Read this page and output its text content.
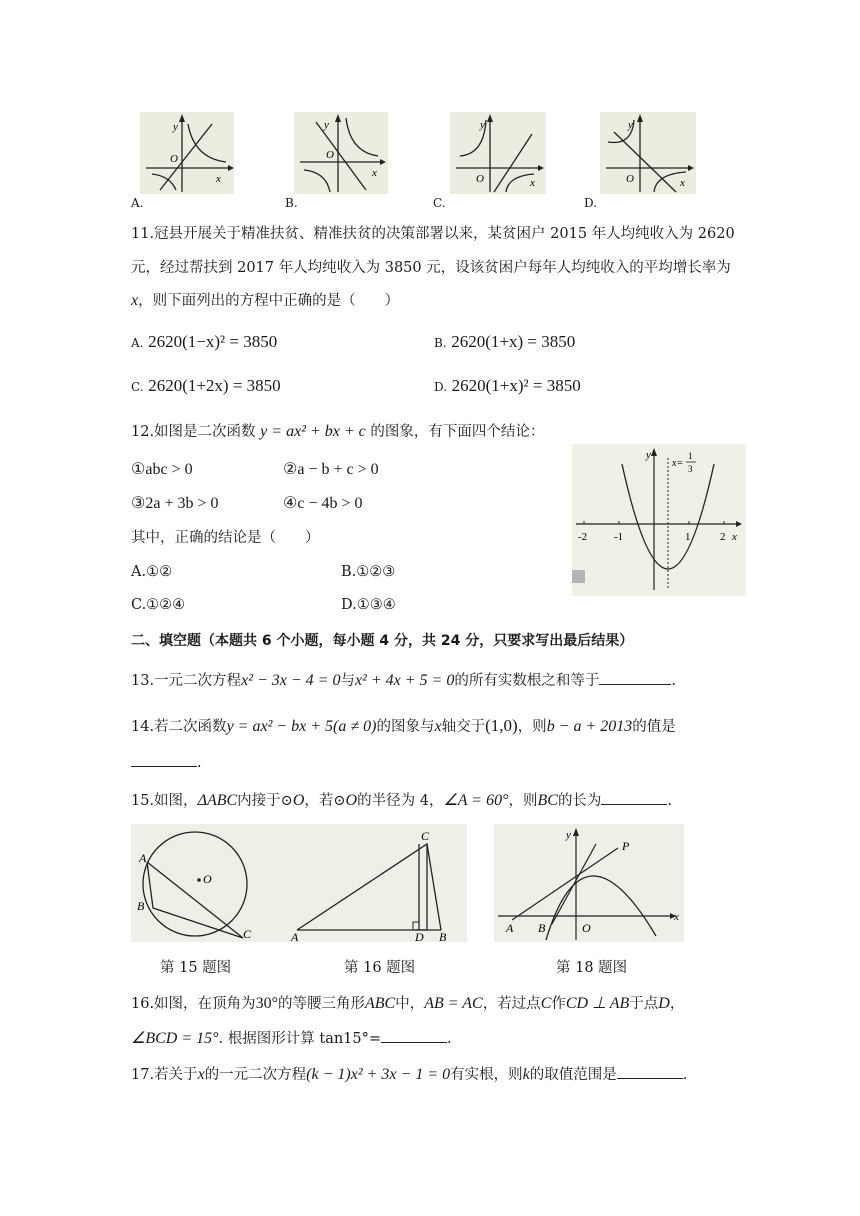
O
y
x
A.
O
y
x
B.
O
y
x
C.
O
y
x
D.
11.冠县开展关于精准扶贫、精准扶贫的决策部署以来，某贫困户 2015 年人均纯收入为 2620
元，经过帮扶到 2017 年人均纯收入为 3850 元，设该贫困户每年人均纯收入的平均增长率为
x，则下面列出的方程中正确的是（　　）
A. 2620(1−x)² = 3850	B. 2620(1+x) = 3850
C. 2620(1+2x) = 3850	D. 2620(1+x)² = 3850
12.如图是二次函数 y = ax² + bx + c 的图象，有下面四个结论：
①abc > 0	②a − b + c > 0
③2a + 3b > 0	④c − 4b > 0
其中，正确的结论是（　　）
A.①②	B.①②③
C.①②④	D.①③④
-2 -1	1	2 x
y
x=
1
3
二、填空题（本题共 6 个小题，每小题 4 分，共 24 分，只要求写出最后结果）
13.一元二次方程x² − 3x − 4 = 0与x² + 4x + 5 = 0的所有实数根之和等于	.
14.若二次函数y = ax² − bx + 5(a ≠ 0)的图象与x轴交于(1,0)，则b − a + 2013的值是
.
15.如图，ΔABC内接于⊙O，若⊙O的半径为 4，∠A = 60°，则BC的长为	.
A
B
C
O
A
C
D B
A B	O
P
x
y
第 15 题图	第 16 题图	第 18 题图
16.如图，在顶角为30°的等腰三角形ABC中，AB = AC，若过点C作CD ⊥ AB于点D，
∠BCD = 15°. 根据图形计算 tan15°=	.
17.若关于x的一元二次方程(k − 1)x² + 3x − 1 = 0有实根，则k的取值范围是	.
